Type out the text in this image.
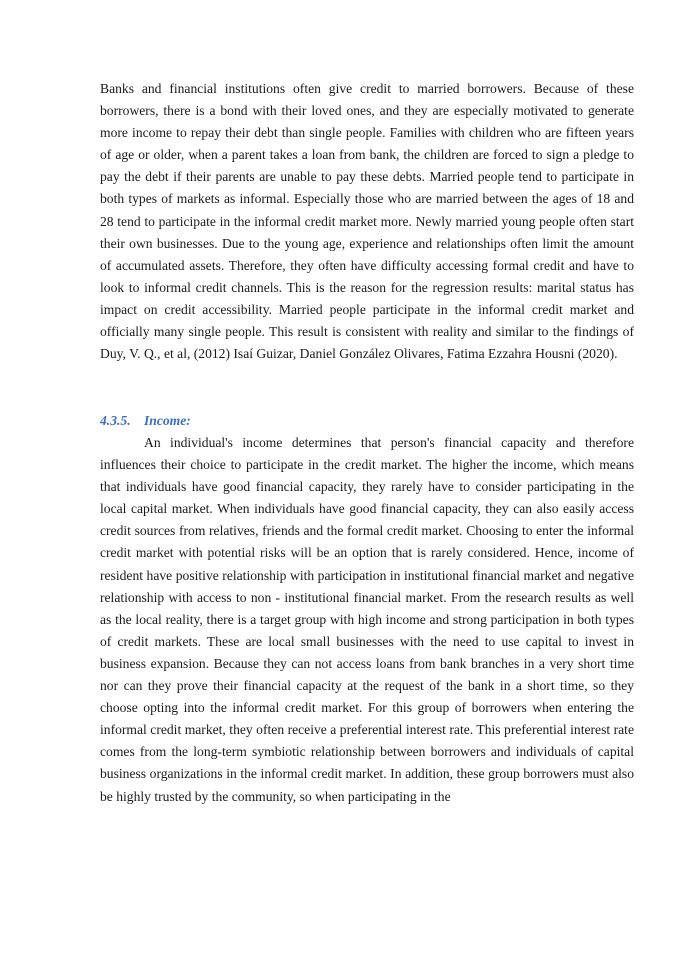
Banks and financial institutions often give credit to married borrowers. Because of these borrowers, there is a bond with their loved ones, and they are especially motivated to generate more income to repay their debt than single people. Families with children who are fifteen years of age or older, when a parent takes a loan from bank, the children are forced to sign a pledge to pay the debt if their parents are unable to pay these debts. Married people tend to participate in both types of markets as informal. Especially those who are married between the ages of 18 and 28 tend to participate in the informal credit market more. Newly married young people often start their own businesses. Due to the young age, experience and relationships often limit the amount of accumulated assets. Therefore, they often have difficulty accessing formal credit and have to look to informal credit channels. This is the reason for the regression results: marital status has impact on credit accessibility. Married people participate in the informal credit market and officially many single people. This result is consistent with reality and similar to the findings of Duy, V. Q., et al, (2012) Isaí Guizar, Daniel González Olivares, Fatima Ezzahra Housni (2020).

4.3.5. Income:

An individual's income determines that person's financial capacity and therefore influences their choice to participate in the credit market. The higher the income, which means that individuals have good financial capacity, they rarely have to consider participating in the local capital market. When individuals have good financial capacity, they can also easily access credit sources from relatives, friends and the formal credit market. Choosing to enter the informal credit market with potential risks will be an option that is rarely considered. Hence, income of resident have positive relationship with participation in institutional financial market and negative relationship with access to non - institutional financial market. From the research results as well as the local reality, there is a target group with high income and strong participation in both types of credit markets. These are local small businesses with the need to use capital to invest in business expansion. Because they can not access loans from bank branches in a very short time nor can they prove their financial capacity at the request of the bank in a short time, so they choose opting into the informal credit market. For this group of borrowers when entering the informal credit market, they often receive a preferential interest rate. This preferential interest rate comes from the long-term symbiotic relationship between borrowers and individuals of capital business organizations in the informal credit market. In addition, these group borrowers must also be highly trusted by the community, so when participating in the
